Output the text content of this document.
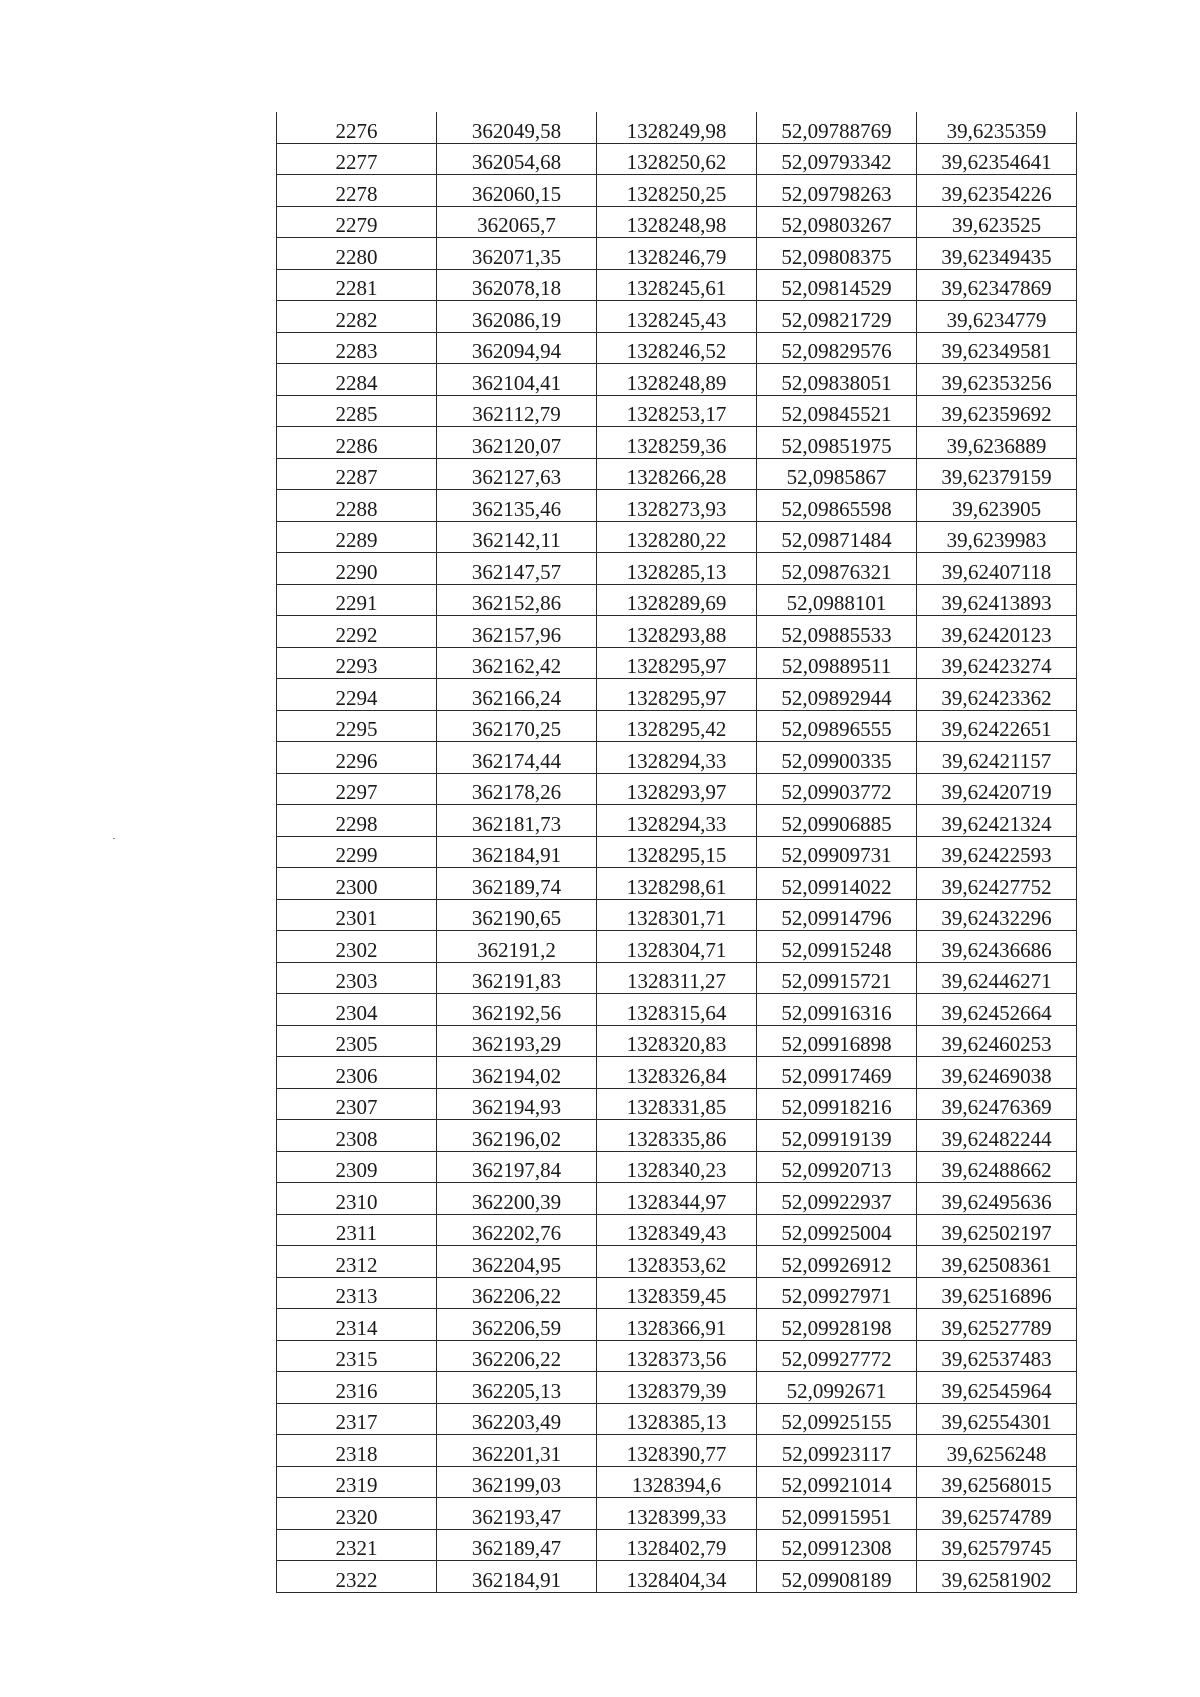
2276	362049,58	1328249,98	52,09788769	39,6235359
2277	362054,68	1328250,62	52,09793342	39,62354641
2278	362060,15	1328250,25	52,09798263	39,62354226
2279	362065,7	1328248,98	52,09803267	39,623525
2280	362071,35	1328246,79	52,09808375	39,62349435
2281	362078,18	1328245,61	52,09814529	39,62347869
2282	362086,19	1328245,43	52,09821729	39,6234779
2283	362094,94	1328246,52	52,09829576	39,62349581
2284	362104,41	1328248,89	52,09838051	39,62353256
2285	362112,79	1328253,17	52,09845521	39,62359692
2286	362120,07	1328259,36	52,09851975	39,6236889
2287	362127,63	1328266,28	52,0985867	39,62379159
2288	362135,46	1328273,93	52,09865598	39,623905
2289	362142,11	1328280,22	52,09871484	39,6239983
2290	362147,57	1328285,13	52,09876321	39,62407118
2291	362152,86	1328289,69	52,0988101	39,62413893
2292	362157,96	1328293,88	52,09885533	39,62420123
2293	362162,42	1328295,97	52,09889511	39,62423274
2294	362166,24	1328295,97	52,09892944	39,62423362
2295	362170,25	1328295,42	52,09896555	39,62422651
2296	362174,44	1328294,33	52,09900335	39,62421157
2297	362178,26	1328293,97	52,09903772	39,62420719
2298	362181,73	1328294,33	52,09906885	39,62421324
2299	362184,91	1328295,15	52,09909731	39,62422593
2300	362189,74	1328298,61	52,09914022	39,62427752
2301	362190,65	1328301,71	52,09914796	39,62432296
2302	362191,2	1328304,71	52,09915248	39,62436686
2303	362191,83	1328311,27	52,09915721	39,62446271
2304	362192,56	1328315,64	52,09916316	39,62452664
2305	362193,29	1328320,83	52,09916898	39,62460253
2306	362194,02	1328326,84	52,09917469	39,62469038
2307	362194,93	1328331,85	52,09918216	39,62476369
2308	362196,02	1328335,86	52,09919139	39,62482244
2309	362197,84	1328340,23	52,09920713	39,62488662
2310	362200,39	1328344,97	52,09922937	39,62495636
2311	362202,76	1328349,43	52,09925004	39,62502197
2312	362204,95	1328353,62	52,09926912	39,62508361
2313	362206,22	1328359,45	52,09927971	39,62516896
2314	362206,59	1328366,91	52,09928198	39,62527789
2315	362206,22	1328373,56	52,09927772	39,62537483
2316	362205,13	1328379,39	52,0992671	39,62545964
2317	362203,49	1328385,13	52,09925155	39,62554301
2318	362201,31	1328390,77	52,09923117	39,6256248
2319	362199,03	1328394,6	52,09921014	39,62568015
2320	362193,47	1328399,33	52,09915951	39,62574789
2321	362189,47	1328402,79	52,09912308	39,62579745
2322	362184,91	1328404,34	52,09908189	39,62581902
